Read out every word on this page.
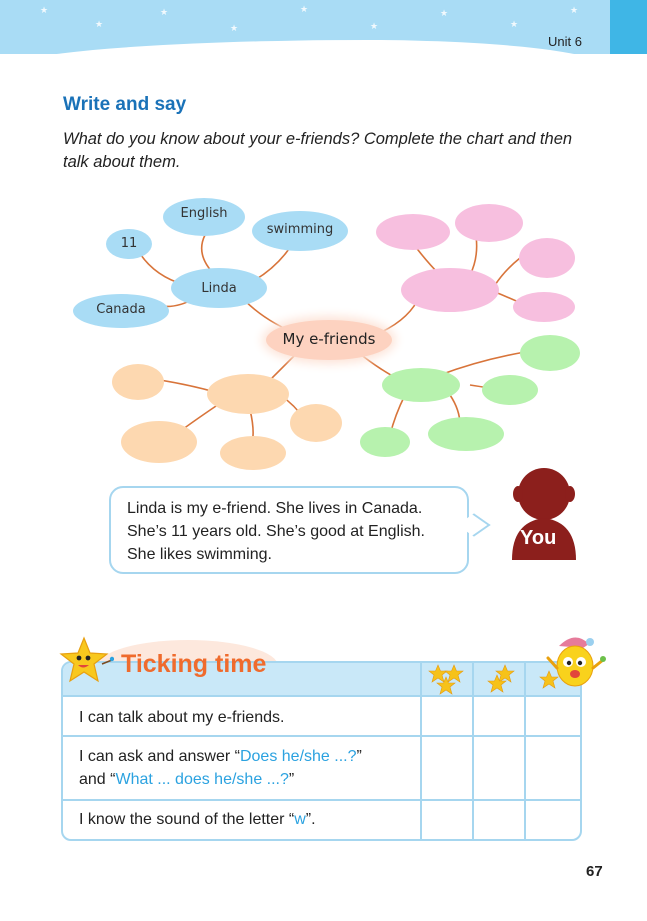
★
★
★
★
★
★
★
★
★
Unit 6
Write and say
What do you know about your e-friends? Complete the chart and then talk about them.
English
swimming
11
Linda
Canada
My e-friends

Linda is my e-friend. She lives in Canada.

She’s 11 years old. She’s good at English.

She likes swimming.

You
I can talk about my e-friends.
I can ask and answer “Does he/she ...?”
and “What ... does he/she ...?”
I know the sound of the letter “w”.
Ticking time
67
